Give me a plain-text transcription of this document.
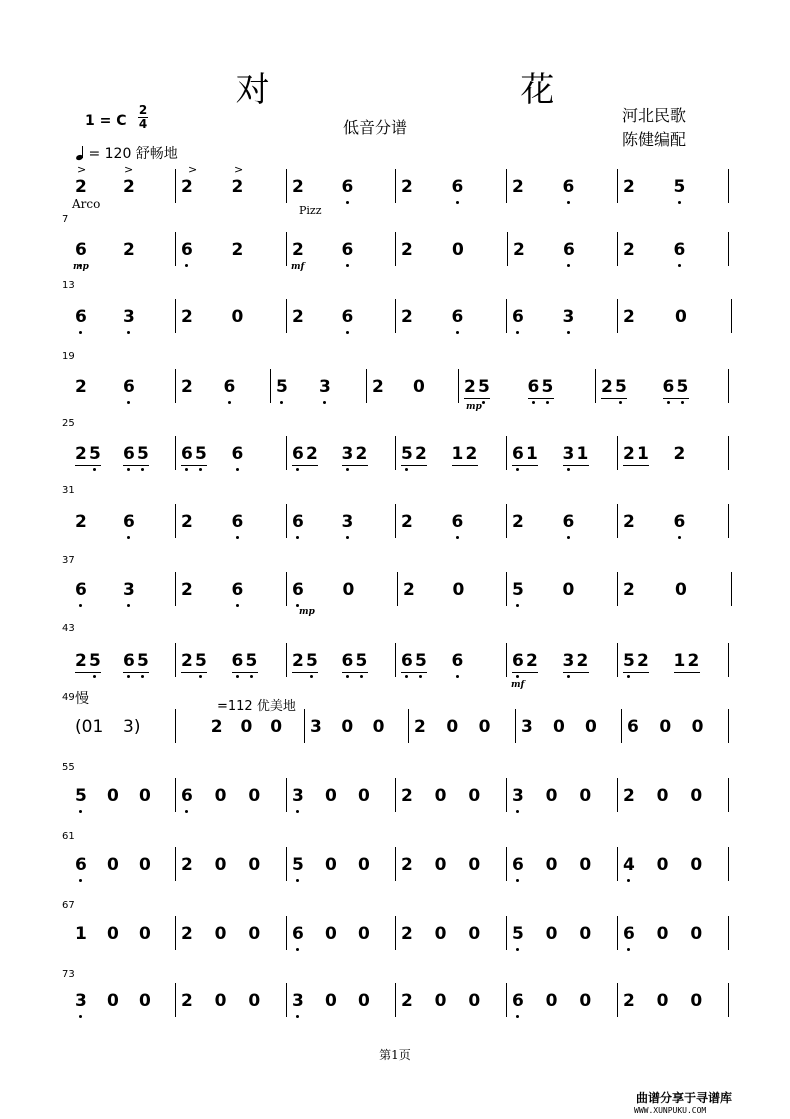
对 花
低音分谱
河北民歌
陈健编配
1 = C
2
4
= 120 舒畅地
7
13
19
25
31
37
43
49
55
61
67
73
2 2	2 2	2 6	2 6	2 6	2 5
6 2	6 2	2 6	2 0	2 6	2 6
6 3	2 0	2 6	2 6	6 3	2 0
2 6	2 6 5 3 2 0 2 5 6 5	2 5 6 5
2 5 6 5 6 5 6	6 2 3 2 5 2 1 2 6 1 3 1 2 1 2
2 6	2 6	6 3	2 6	2 6	2 6
6 3	2 6	6 0	2 0	5 0	2 0
2 5 6 5 2 5 6 5 2 5 6 5 6 5 6	6 2 3 2 5 2 1 2
(01 3)	2 0 0 3 0 0 2 0 0 3 0 0 6 0 0
5 0 0 6 0 0 3 0 0 2 0 0 3 0 0 2 0 0
6 0 0 2 0 0 5 0 0 2 0 0 6 0 0 4 0 0
1 0 0 2 0 0 6 0 0 2 0 0 5 0 0 6 0 0
3 0 0 2 0 0 3 0 0 2 0 0 6 0 0 2 0 0
Arco	Pizz
慢	=112 优美地
mp	mf
mp
mp
mf
>	>	>	>
第1页
曲谱分享于寻谱库
WWW.XUNPUKU.COM
